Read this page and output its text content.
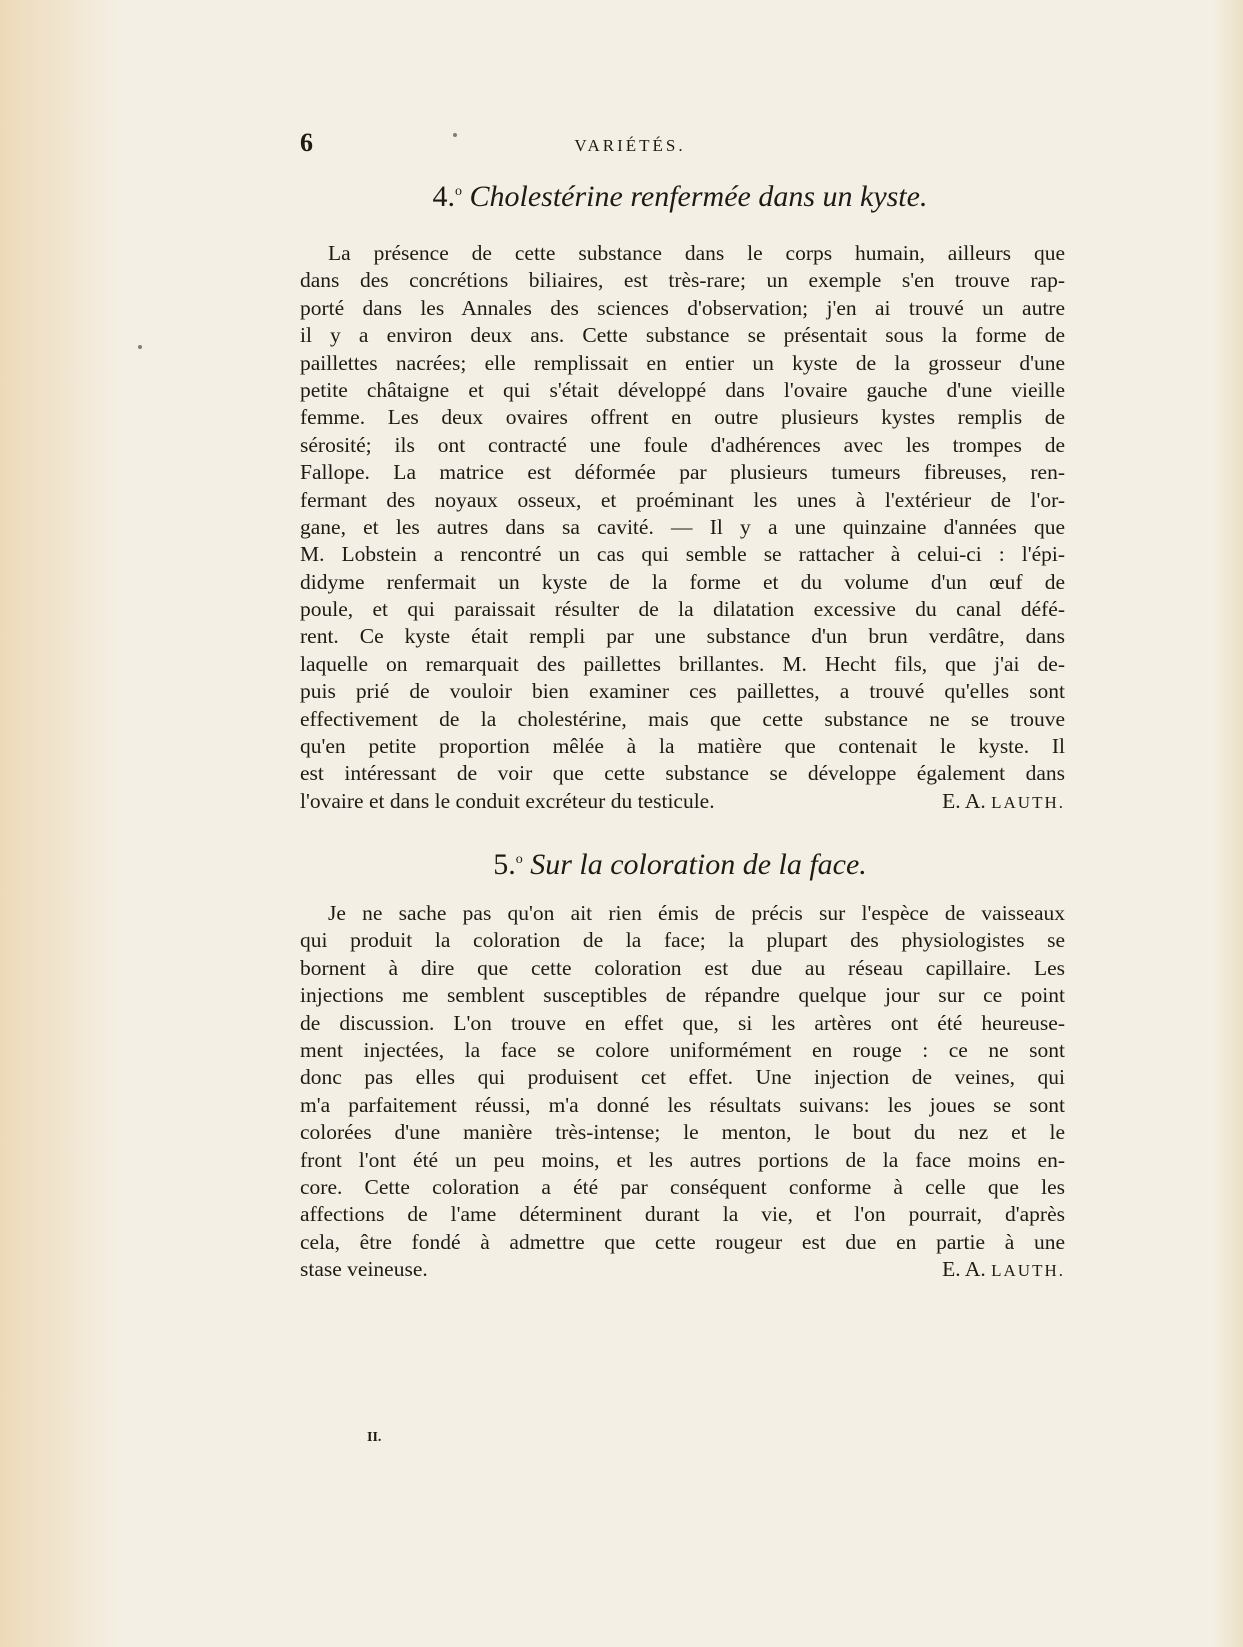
6	VARIÉTÉS.
4.$^o$ Cholestérine renfermée dans un kyste.
La présence de cette substance dans le corps humain, ailleurs que
dans des concrétions biliaires, est très-rare; un exemple s'en trouve rap-
porté dans les Annales des sciences d'observation; j'en ai trouvé un autre
il y a environ deux ans. Cette substance se présentait sous la forme de
paillettes nacrées; elle remplissait en entier un kyste de la grosseur d'une
petite châtaigne et qui s'était développé dans l'ovaire gauche d'une vieille
femme. Les deux ovaires offrent en outre plusieurs kystes remplis de
sérosité; ils ont contracté une foule d'adhérences avec les trompes de
Fallope. La matrice est déformée par plusieurs tumeurs fibreuses, ren-
fermant des noyaux osseux, et proéminant les unes à l'extérieur de l'or-
gane, et les autres dans sa cavité. — Il y a une quinzaine d'années que
M. Lobstein a rencontré un cas qui semble se rattacher à celui-ci : l'épi-
didyme renfermait un kyste de la forme et du volume d'un œuf de
poule, et qui paraissait résulter de la dilatation excessive du canal défé-
rent. Ce kyste était rempli par une substance d'un brun verdâtre, dans
laquelle on remarquait des paillettes brillantes. M. Hecht fils, que j'ai de-
puis prié de vouloir bien examiner ces paillettes, a trouvé qu'elles sont
effectivement de la cholestérine, mais que cette substance ne se trouve
qu'en petite proportion mêlée à la matière que contenait le kyste. Il
est intéressant de voir que cette substance se développe également dans
l'ovaire et dans le conduit excréteur du testicule.	E. A. LAUTH.
5.$^o$ Sur la coloration de la face.
Je ne sache pas qu'on ait rien émis de précis sur l'espèce de vaisseaux
qui produit la coloration de la face; la plupart des physiologistes se
bornent à dire que cette coloration est due au réseau capillaire. Les
injections me semblent susceptibles de répandre quelque jour sur ce point
de discussion. L'on trouve en effet que, si les artères ont été heureuse-
ment injectées, la face se colore uniformément en rouge : ce ne sont
donc pas elles qui produisent cet effet. Une injection de veines, qui
m'a parfaitement réussi, m'a donné les résultats suivans: les joues se sont
colorées d'une manière très-intense; le menton, le bout du nez et le
front l'ont été un peu moins, et les autres portions de la face moins en-
core. Cette coloration a été par conséquent conforme à celle que les
affections de l'ame déterminent durant la vie, et l'on pourrait, d'après
cela, être fondé à admettre que cette rougeur est due en partie à une
stase veineuse.	E. A. LAUTH.
II.
